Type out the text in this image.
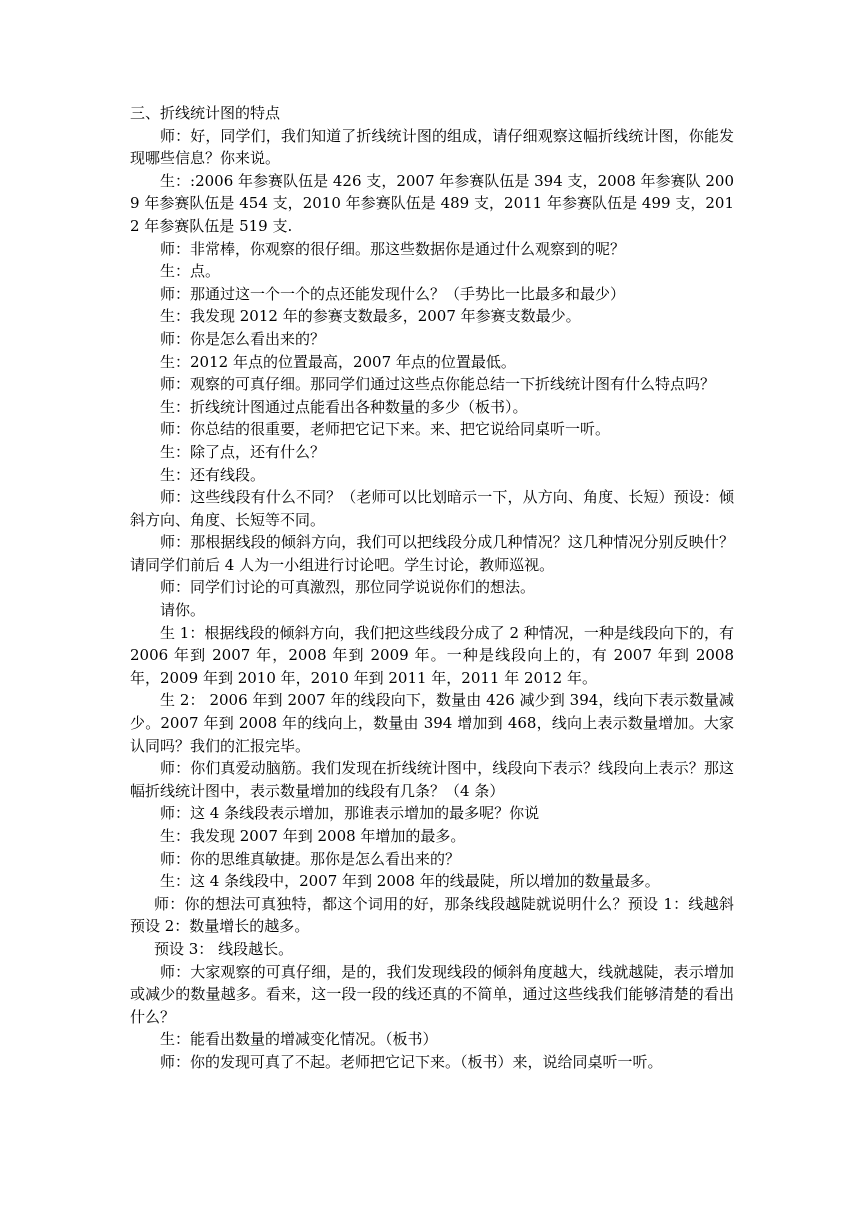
三、折线统计图的特点

师：好，同学们，我们知道了折线统计图的组成，请仔细观察这幅折线统计图，你能发现哪些信息？你来说。

生：:2006 年参赛队伍是 426 支，2007 年参赛队伍是 394 支，2008 年参赛队 2009 年参赛队伍是 454 支，2010 年参赛队伍是 489 支，2011 年参赛队伍是 499 支，2012 年参赛队伍是 519 支.

师：非常棒，你观察的很仔细。那这些数据你是通过什么观察到的呢？

生：点。

师：那通过这一个一个的点还能发现什么？（手势比一比最多和最少）

生：我发现 2012 年的参赛支数最多，2007 年参赛支数最少。

师：你是怎么看出来的？

生：2012 年点的位置最高，2007 年点的位置最低。

师：观察的可真仔细。那同学们通过这些点你能总结一下折线统计图有什么特点吗？

生：折线统计图通过点能看出各种数量的多少（板书）。

师：你总结的很重要，老师把它记下来。来、把它说给同桌听一听。

生：除了点，还有什么？

生：还有线段。

师：这些线段有什么不同？（老师可以比划暗示一下，从方向、角度、长短）预设：倾斜方向、角度、长短等不同。

师：那根据线段的倾斜方向，我们可以把线段分成几种情况？这几种情况分别反映什？请同学们前后 4 人为一小组进行讨论吧。学生讨论，教师巡视。

师：同学们讨论的可真激烈，那位同学说说你们的想法。

请你。

生 1：根据线段的倾斜方向，我们把这些线段分成了 2 种情况，一种是线段向下的，有 2006 年到 2007 年，2008 年到 2009 年。一种是线段向上的，有 2007 年到 2008 年，2009 年到 2010 年，2010 年到 2011 年，2011 年 2012 年。

生 2： 2006 年到 2007 年的线段向下，数量由 426 减少到 394，线向下表示数量减少。2007 年到 2008 年的线向上，数量由 394 增加到 468，线向上表示数量增加。大家认同吗？我们的汇报完毕。

师：你们真爱动脑筋。我们发现在折线统计图中，线段向下表示？线段向上表示？那这幅折线统计图中，表示数量增加的线段有几条？（4 条）

师：这 4 条线段表示增加，那谁表示增加的最多呢？你说

生：我发现 2007 年到 2008 年增加的最多。

师：你的思维真敏捷。那你是怎么看出来的？

生：这 4 条线段中，2007 年到 2008 年的线最陡，所以增加的数量最多。

师：你的想法可真独特，都这个词用的好，那条线段越陡就说明什么？预设 1：线越斜预设 2：数量增长的越多。

预设 3： 线段越长。

师：大家观察的可真仔细，是的，我们发现线段的倾斜角度越大，线就越陡，表示增加或减少的数量越多。看来，这一段一段的线还真的不简单，通过这些线我们能够清楚的看出什么？

生：能看出数量的增减变化情况。（板书）

师：你的发现可真了不起。老师把它记下来。（板书）来，说给同桌听一听。
